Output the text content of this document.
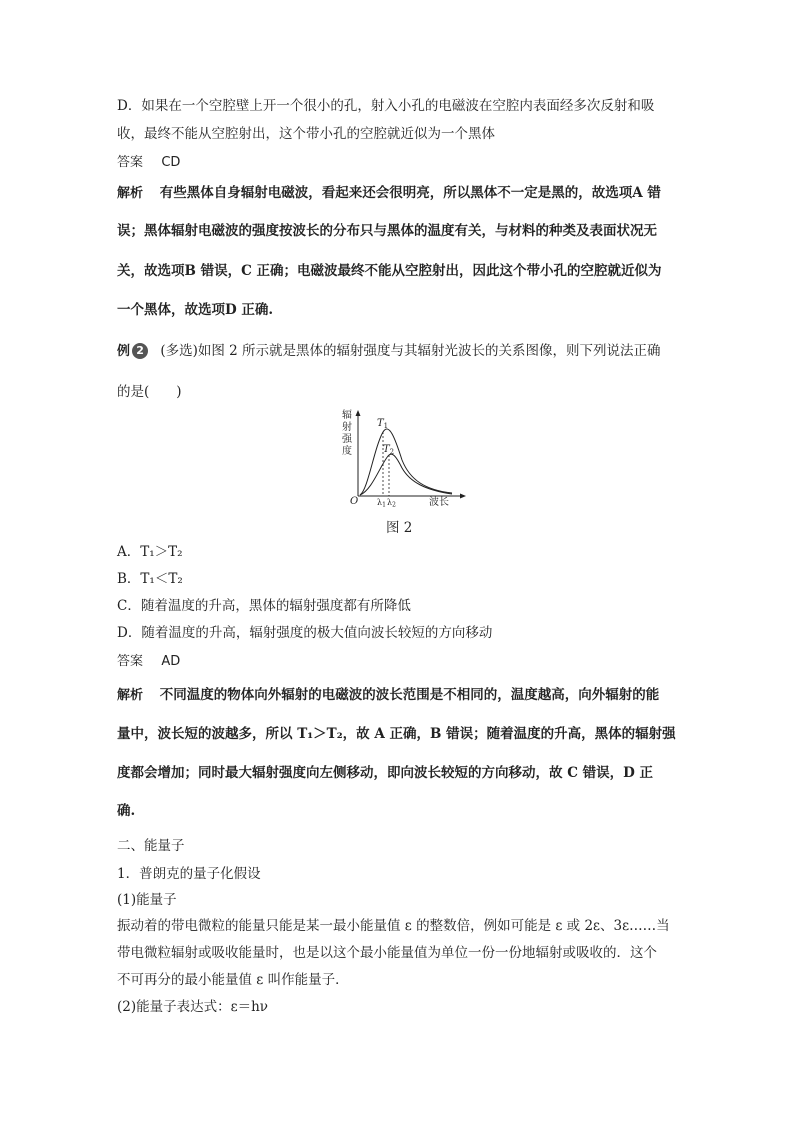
D．如果在一个空腔壁上开一个很小的孔，射入小孔的电磁波在空腔内表面经多次反射和吸
收，最终不能从空腔射出，这个带小孔的空腔就近似为一个黑体
答案 CD
解析 有些黑体自身辐射电磁波，看起来还会很明亮，所以黑体不一定是黑的，故选项A 错
误；黑体辐射电磁波的强度按波长的分布只与黑体的温度有关，与材料的种类及表面状况无
关，故选项B 错误，C 正确；电磁波最终不能从空腔射出，因此这个带小孔的空腔就近似为
一个黑体，故选项D 正确.
例 2 (多选)如图 2 所示就是黑体的辐射强度与其辐射光波长的关系图像，则下列说法正确
的是(　　)
辐
射
强
度
$T_1$
$T_2$
O λ1 λ2	波长
图 2
A．T₁＞T₂
B．T₁＜T₂
C．随着温度的升高，黑体的辐射强度都有所降低
D．随着温度的升高，辐射强度的极大值向波长较短的方向移动
答案 AD
解析 不同温度的物体向外辐射的电磁波的波长范围是不相同的，温度越高，向外辐射的能
量中，波长短的波越多，所以 T₁＞T₂，故 A 正确，B 错误；随着温度的升高，黑体的辐射强
度都会增加；同时最大辐射强度向左侧移动，即向波长较短的方向移动，故 C 错误，D 正
确.
二、能量子
1．普朗克的量子化假设
(1)能量子
振动着的带电微粒的能量只能是某一最小能量值 ε 的整数倍，例如可能是 ε 或 2ε、3ε……当
带电微粒辐射或吸收能量时，也是以这个最小能量值为单位一份一份地辐射或吸收的．这个
不可再分的最小能量值 ε 叫作能量子．
(2)能量子表达式：ε＝hν
